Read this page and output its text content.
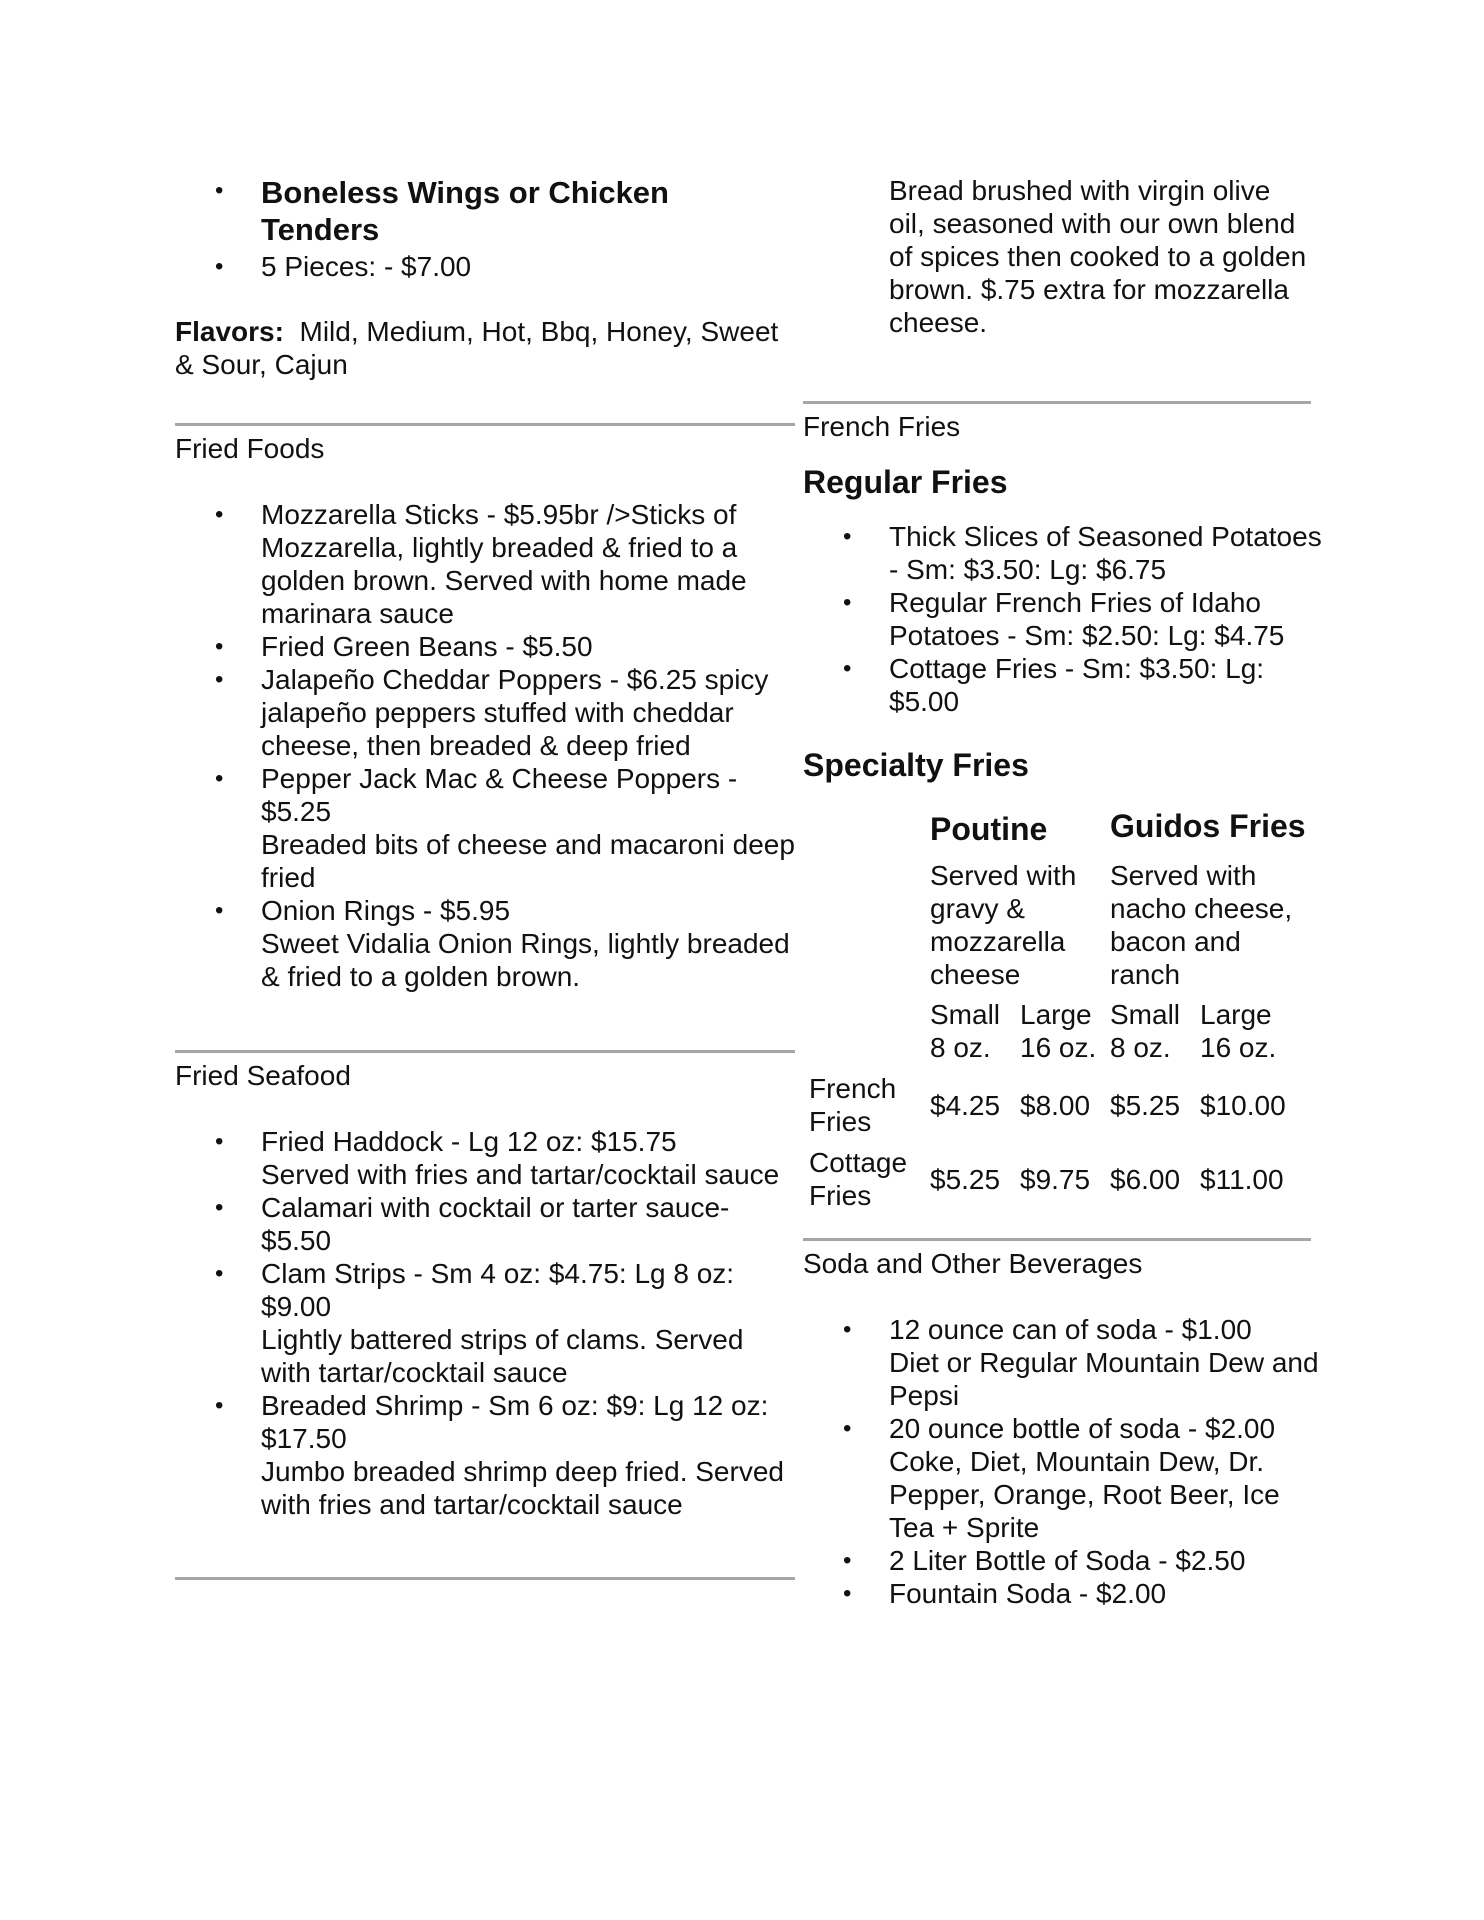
• Boneless Wings or Chicken Tenders
• 5 Pieces: - $7.00
Flavors: Mild, Medium, Hot, Bbq, Honey, Sweet & Sour, Cajun
Fried Foods
• Mozzarella Sticks - $5.95br />Sticks of Mozzarella, lightly breaded & fried to a golden brown. Served with home made marinara sauce
• Fried Green Beans - $5.50
• Jalapeño Cheddar Poppers - $6.25 spicy jalapeño peppers stuffed with cheddar cheese, then breaded & deep fried
• Pepper Jack Mac & Cheese Poppers - $5.25
Breaded bits of cheese and macaroni deep fried
• Onion Rings - $5.95
Sweet Vidalia Onion Rings, lightly breaded & fried to a golden brown.
Fried Seafood
• Fried Haddock - Lg 12 oz: $15.75
Served with fries and tartar/cocktail sauce
• Calamari with cocktail or tarter sauce- $5.50
• Clam Strips - Sm 4 oz: $4.75: Lg 8 oz: $9.00
Lightly battered strips of clams. Served with tartar/cocktail sauce
• Breaded Shrimp - Sm 6 oz: $9: Lg 12 oz: $17.50
Jumbo breaded shrimp deep fried. Served with fries and tartar/cocktail sauce
Bread brushed with virgin olive oil, seasoned with our own blend of spices then cooked to a golden brown. $.75 extra for mozzarella cheese.
French Fries
Regular Fries
• Thick Slices of Seasoned Potatoes - Sm: $3.50: Lg: $6.75
• Regular French Fries of Idaho Potatoes - Sm: $2.50: Lg: $4.75
• Cottage Fries - Sm: $3.50: Lg: $5.00
Specialty Fries
	Poutine		Guidos Fries	
	Served with gravy & mozzarella cheese		Served with nacho cheese, bacon and ranch	
	Small 8 oz.	Large 16 oz.	Small 8 oz.	Large 16 oz.
French Fries	$4.25	$8.00	$5.25	$10.00
Cottage Fries	$5.25	$9.75	$6.00	$11.00
Soda and Other Beverages
• 12 ounce can of soda - $1.00
Diet or Regular Mountain Dew and Pepsi
• 20 ounce bottle of soda - $2.00
Coke, Diet, Mountain Dew, Dr. Pepper, Orange, Root Beer, Ice Tea + Sprite
• 2 Liter Bottle of Soda - $2.50
• Fountain Soda - $2.00
